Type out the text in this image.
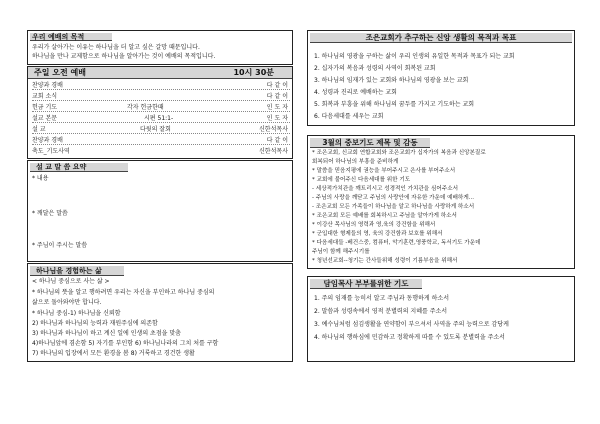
우리 예배의 목적
우리가 살아가는 이유는 하나님을 더 알고 싶은 갈망 때문입니다.
하나님을 만나 교제함으로 하나님을 알아가는 것이 예배의 목적입니다.
주일 오전 예배	10시 30분
찬양과 경배	다 같 이
교회 소식	다 같 이
헌금 기도	각자 헌금한때	인 도 자
설교 본문	시편 51:1-	인 도 자
설 교	다윗의 잘회	신한석목사
찬양과 경배	다 같 이
축도_기도사역	신한석목사
설 교 말 씀 요약
* 내용
* 깨달은 말씀
* 주님이 주시는 말씀
하나님을 경험하는 삶
< 하나님 중심으로 사는 삶 >
* 하나님의 뜻을 알고 행하려면 우리는 자신을 부인하고 하나님 중심의
삶으로 돌아와야만 합니다.
* 하나님 중심-1) 하나님을 신뢰함
2) 하나님과 하나님의 능력과 재원주심에 의존함
3) 하나님과 하나님이 하고 계신 일에 인생의 초점을 맞춤
4)하나님앞에 겸손함 5) 자기를 부인함 6) 하나님나라의 그치 처를 구함
7) 하나님의 입장에서 모든 환경을 봄 8) 거룩하고 경건한 생활
조은교회가 추구하는 신앙 생활의 목적과 목표
1. 하나님의 영광을 구하는 삶이 우리 인생의 유일한 목적과 목표가 되는 교회
2. 십자가의 복음과 성령의 사역이 회복된 교회
3. 하나님의 임재가 있는 교회와 하나님의 영광을 보는 교회
4. 성령과 진리로 예배하는 교회
5. 회복과 부흥을 위해 하나님의 꿈두를 가지고 기도하는 교회
6. 다음세대를 세우는 교회
3월의 중보기도 제목 및 감동
* 조은교회, 신교회 연합교회와 조은교회가 십자가의 복음과 신앙본질로
회복되어 하나님의 부흥을 준비하게
* 말씀을 믿음지평에 권능을 부어주시고 은사를 부어주소서
* 교회에 불어주신 다음세대를 위한 기도
- 세상적가치관을 깨트리시고 성경적인 가치관을 심어주소서
- 주님의 사랑을 깨닫고 주님의 사랑안에 자유한 가운데 예배하게...
- 조은교회 모든 가족들이 하나님을 알고 하나님을 사랑하게 하소서
* 조은교회 모든 예배를 회복하시고 주님을 알아가게 하소서
* 이강산 목사님의 영력과 영,육의 강건함을 위해서
* 군입대한 형제들의 영, 육의 강건함과 보호를 위해서
* 다음세대들 -베건스중, 컴퓨터, 악기훈련,영풍학교, 독서기도 가운데
주님이 함께 해주시기를
* 청년선교회--청기는 간사들위해 성령이 기름부음을 위해서
담임목사 부부를위한 기도
1. 주의 임재를 능히서 알고 주님과 동행하게 하소서
2. 말씀과 성령속에서 영적 분별력의 지혜를 주소서
3. 예수님처럼 섬김생활을 연약함이 부으셔서 사역을 주의 능력으로 감당케
4. 하나님의 행하심에 민감하고 정확하게 따를 수 있도록 분별력을 주소서
